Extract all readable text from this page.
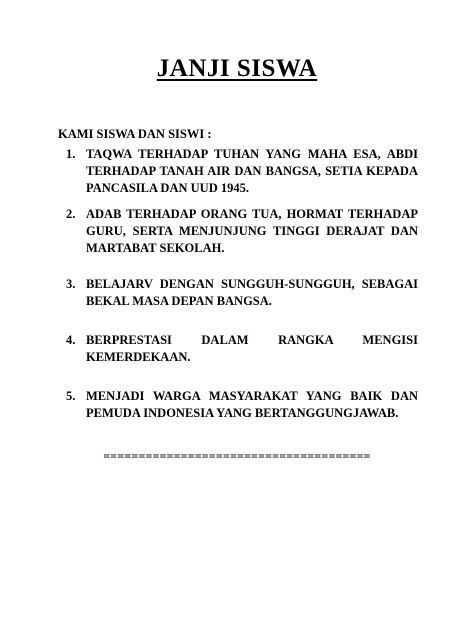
JANJI SISWA
KAMI SISWA DAN SISWI :
1. TAQWA TERHADAP TUHAN YANG MAHA ESA, ABDI TERHADAP TANAH AIR DAN BANGSA, SETIA KEPADA PANCASILA DAN UUD 1945.
2. ADAB TERHADAP ORANG TUA, HORMAT TERHADAP GURU, SERTA MENJUNJUNG TINGGI DERAJAT DAN MARTABAT SEKOLAH.
3. BELAJARV DENGAN SUNGGUH-SUNGGUH, SEBAGAI BEKAL MASA DEPAN BANGSA.
4. BERPRESTASI DALAM RANGKA MENGISI KEMERDEKAAN.
5. MENJADI WARGA MASYARAKAT YANG BAIK DAN PEMUDA INDONESIA YANG BERTANGGUNGJAWAB.
======================================
